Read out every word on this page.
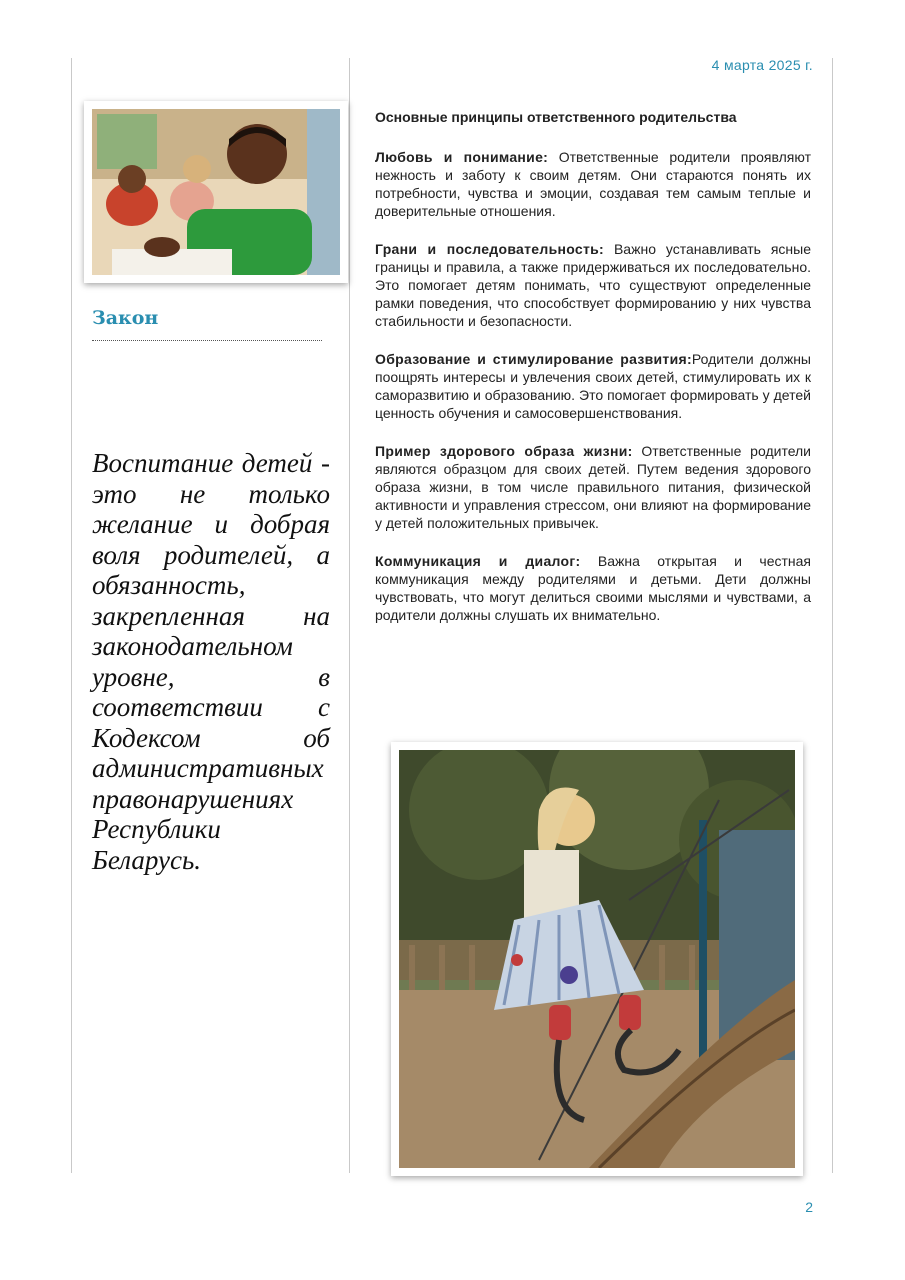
4 марта 2025 г.
Закон
Воспитание детей - это не только желание и добрая воля родителей, а обязанность, закрепленная на законодательном уровне, в соответствии с Кодексом об административных правонарушениях Республики Беларусь.
Основные принципы ответственного родительства

Любовь и понимание: Ответственные родители проявляют нежность и заботу к своим детям. Они стараются понять их потребности, чувства и эмоции, создавая тем самым теплые и доверительные отношения.

Грани и последовательность: Важно устанавливать ясные границы и правила, а также придерживаться их последовательно. Это помогает детям понимать, что существуют определенные рамки поведения, что способствует формированию у них чувства стабильности и безопасности.

Образование и стимулирование развития:Родители должны поощрять интересы и увлечения своих детей, стимулировать их к саморазвитию и образованию. Это помогает формировать у детей ценность обучения и самосовершенствования.

Пример здорового образа жизни: Ответственные родители являются образцом для своих детей. Путем ведения здорового образа жизни, в том числе правильного питания, физической активности и управления стрессом, они влияют на формирование у детей положительных привычек.

Коммуникация и диалог: Важна открытая и честная коммуникация между родителями и детьми. Дети должны чувствовать, что могут делиться своими мыслями и чувствами, а родители должны слушать их внимательно.

2
